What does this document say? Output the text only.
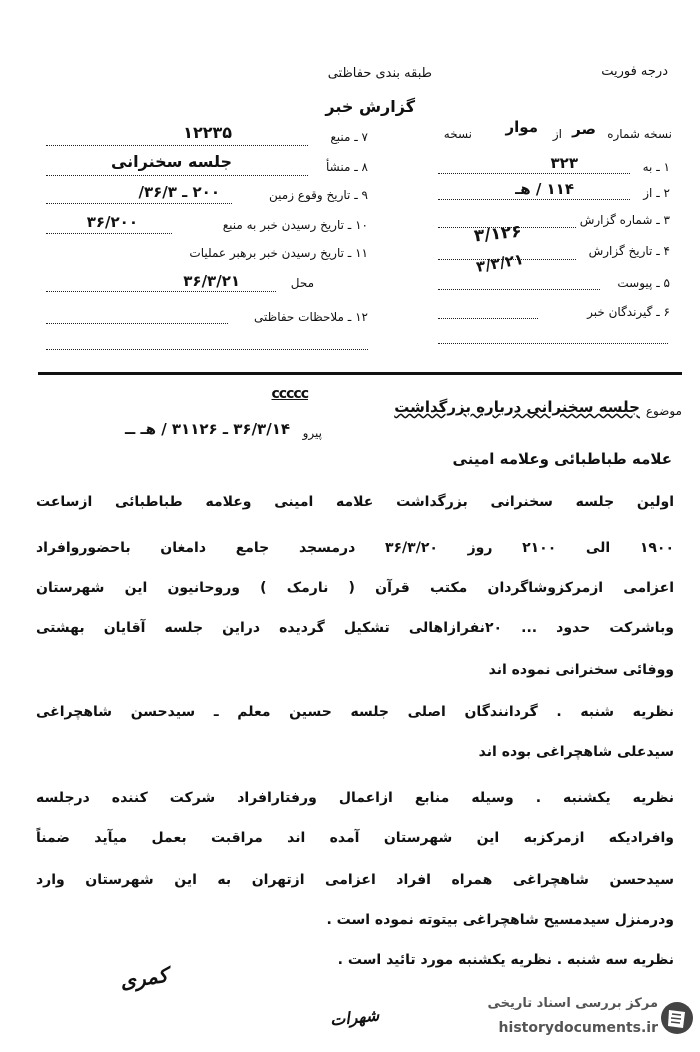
درجه فوریت
طبقه بندی حفاظتی
گزارش خبر
نسخه شماره
صر
از
موار
نسخه
۱ ـ به
۳۲۳
۲ ـ از
۱۱۴ / هـ
۳ ـ شماره گزارش
۳/۱۲۶
۴ ـ تاریخ گزارش
۳/۳/۲۱
۵ ـ پیوست
۶ ـ گیرندگان خبر
۷ ـ منبع
۱۲۲۳۵
۸ ـ منشأ
جلسه سخنرانی
۹ ـ تاریخ وقوع زمین
۲۰۰ ـ ۳۶/۳/
۱۰ ـ تاریخ رسیدن خبر به منبع
۳۶/۲۰۰
۱۱ ـ تاریخ رسیدن خبر برهبر عملیات
محل
۳۶/۳/۲۱
۱۲ ـ ملاحظات حفاظتی
موضوع
جلسه سخنرانی درباره بزرگداشت
ccccc
پیرو
۳۶/۳/۱۴ ـ ۳۱۱۲۶ / هـ ــ
علامه طباطبائی وعلامه امینی
اولین جلسه سخنرانی بزرگداشت علامه امینی وعلامه طباطبائی ازساعت
۱۹۰۰ الی ۲۱۰۰ روز ۳۶/۳/۲۰ درمسجد جامع دامغان باحضوروافراد
اعزامی ازمرکزوشاگردان مکتب قرآن ( نارمک ) وروحانیون این شهرستان
وباشرکت حدود ... ۲۰نفرازاهالی تشکیل گردیده دراین جلسه آقایان بهشتی
ووفائی سخنرانی نموده اند
نظریه شنبه . گردانندگان اصلی جلسه حسین معلم ـ سیدحسن شاهچراغی
سیدعلی شاهچراغی بوده اند
نظریه یکشنبه . وسیله منابع ازاعمال ورفتارافراد شرکت کننده درجلسه
وافرادیکه ازمرکزبه این شهرستان آمده اند مراقبت بعمل میآید ضمناً
سیدحسن شاهچراغی همراه افراد اعزامی ازتهران به این شهرستان وارد
ودرمنزل سیدمسیح شاهچراغی بیتوته نموده است .
نظریه سه شنبه . نظریه یکشنبه مورد تائید است .
کمری
شهرات
مرکز بررسی اسناد تاریخی
historydocuments.ir
